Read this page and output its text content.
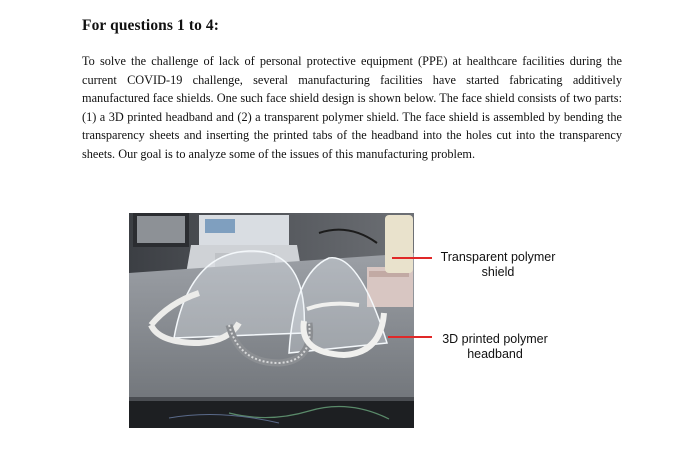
For questions 1 to 4:

To solve the challenge of lack of personal protective equipment (PPE) at healthcare facilities during the current COVID-19 challenge, several manufacturing facilities have started fabricating additively manufactured face shields. One such face shield design is shown below. The face shield consists of two parts: (1) a 3D printed headband and (2) a transparent polymer shield. The face shield is assembled by bending the transparency sheets and inserting the printed tabs of the headband into the holes cut into the transparency sheets. Our goal is to analyze some of the issues of this manufacturing problem.

Transparent polymer
shield
3D printed polymer
headband
